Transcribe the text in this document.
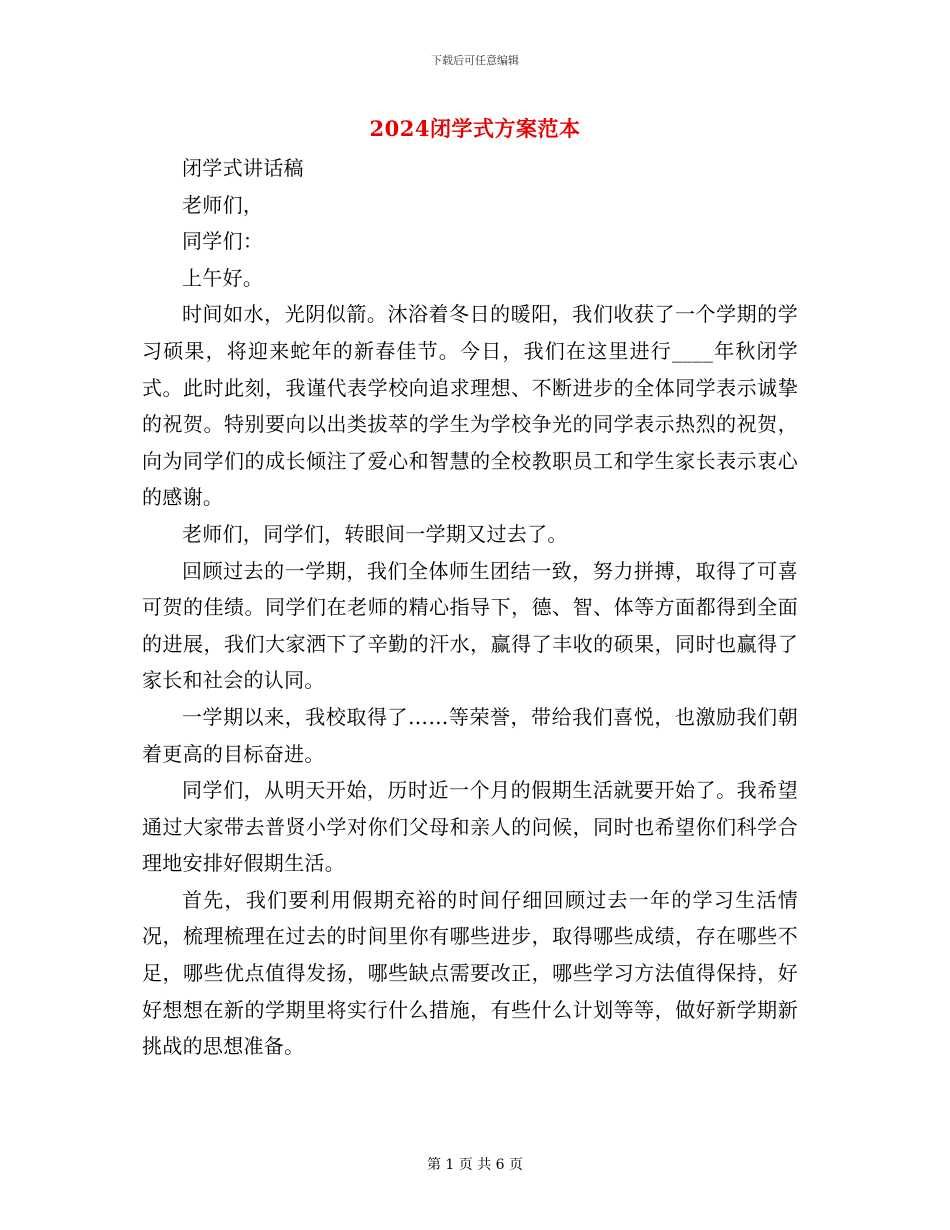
下载后可任意编辑
2024闭学式方案范本

闭学式讲话稿

老师们，

同学们：

上午好。

时间如水，光阴似箭。沐浴着冬日的暖阳，我们收获了一个学期的学习硕果，将迎来蛇年的新春佳节。今日，我们在这里进行____年秋闭学式。此时此刻，我谨代表学校向追求理想、不断进步的全体同学表示诚挚的祝贺。特别要向以出类拔萃的学生为学校争光的同学表示热烈的祝贺，向为同学们的成长倾注了爱心和智慧的全校教职员工和学生家长表示衷心的感谢。

老师们，同学们，转眼间一学期又过去了。

回顾过去的一学期，我们全体师生团结一致，努力拼搏，取得了可喜可贺的佳绩。同学们在老师的精心指导下，德、智、体等方面都得到全面的进展，我们大家洒下了辛勤的汗水，赢得了丰收的硕果，同时也赢得了家长和社会的认同。

一学期以来，我校取得了……等荣誉，带给我们喜悦，也激励我们朝着更高的目标奋进。

同学们，从明天开始，历时近一个月的假期生活就要开始了。我希望通过大家带去普贤小学对你们父母和亲人的问候，同时也希望你们科学合理地安排好假期生活。

首先，我们要利用假期充裕的时间仔细回顾过去一年的学习生活情况，梳理梳理在过去的时间里你有哪些进步，取得哪些成绩，存在哪些不足，哪些优点值得发扬，哪些缺点需要改正，哪些学习方法值得保持，好好想想在新的学期里将实行什么措施，有些什么计划等等，做好新学期新挑战的思想准备。

第 1 页 共 6 页
